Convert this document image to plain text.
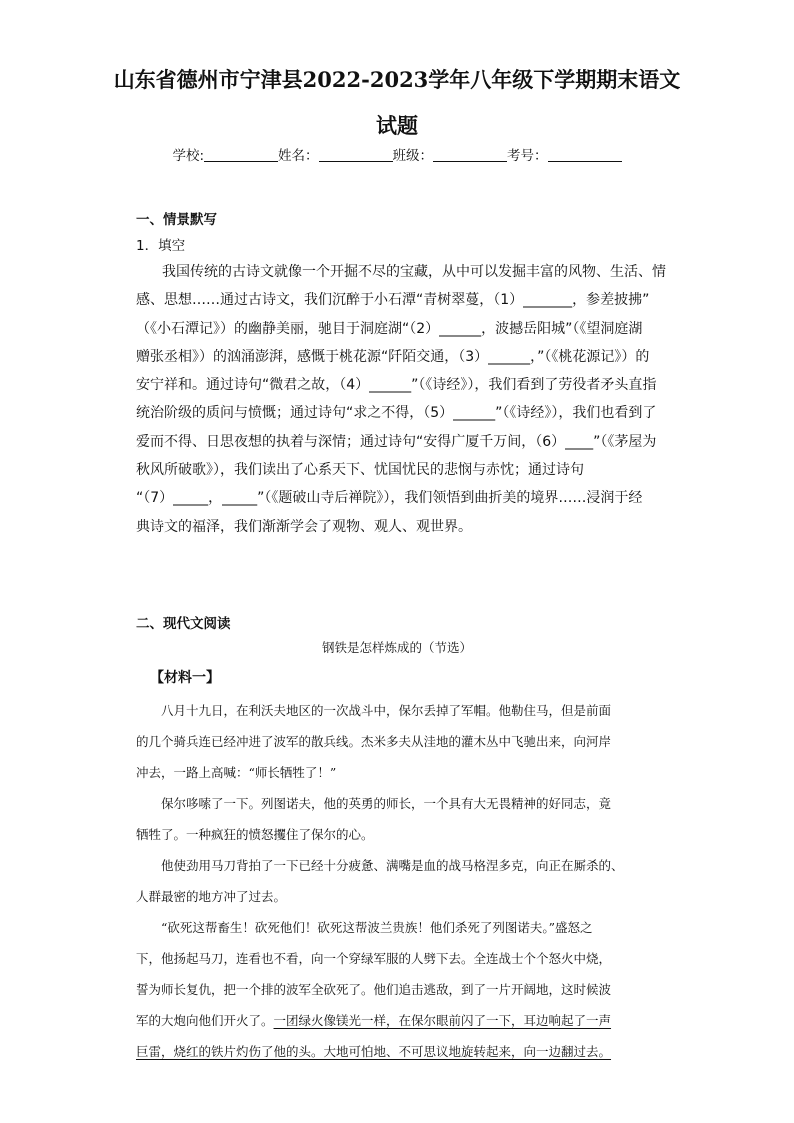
山东省德州市宁津县2022-2023学年八年级下学期期末语文
试题
学校:	姓名：	班级：	考号：
一、情景默写
1．填空
我国传统的古诗文就像一个开掘不尽的宝藏，从中可以发掘丰富的风物、生活、情
感、思想……通过古诗文，我们沉醉于小石潭“青树翠蔓，（1）_______，参差披拂”
（《小石潭记》）的幽静美丽，驰目于洞庭湖“（2）______，波撼岳阳城”（《望洞庭湖
赠张丞相》）的汹涌澎湃，感慨于桃花源“阡陌交通，（3）______，”（《桃花源记》）的
安宁祥和。通过诗句“微君之故，（4）______”（《诗经》），我们看到了劳役者矛头直指
统治阶级的质问与愤慨；通过诗句“求之不得，（5）______”（《诗经》），我们也看到了
爱而不得、日思夜想的执着与深情；通过诗句“安得广厦千万间，（6）____”（《茅屋为
秋风所破歌》），我们读出了心系天下、忧国忧民的悲悯与赤忱；通过诗句
“（7）_____，_____”（《题破山寺后禅院》），我们领悟到曲折美的境界……浸润于经
典诗文的福泽，我们渐渐学会了观物、观人、观世界。
二、现代文阅读
钢铁是怎样炼成的（节选）
【材料一】
八月十九日，在利沃夫地区的一次战斗中，保尔丢掉了军帽。他勒住马，但是前面
的几个骑兵连已经冲进了波军的散兵线。杰米多夫从洼地的灌木丛中飞驰出来，向河岸
冲去，一路上高喊：“师长牺牲了！”
保尔哆嗦了一下。列图诺夫，他的英勇的师长，一个具有大无畏精神的好同志，竟
牺牲了。一种疯狂的愤怒攫住了保尔的心。
他使劲用马刀背拍了一下已经十分疲惫、满嘴是血的战马格涅多克，向正在厮杀的、
人群最密的地方冲了过去。
“砍死这帮畜生！砍死他们！砍死这帮波兰贵族！他们杀死了列图诺夫。”盛怒之
下，他扬起马刀，连看也不看，向一个穿绿军服的人劈下去。全连战士个个怒火中烧，
誓为师长复仇，把一个排的波军全砍死了。他们追击逃敌，到了一片开阔地，这时候波
军的大炮向他们开火了。一团绿火像镁光一样，在保尔眼前闪了一下，耳边响起了一声
巨雷，烧红的铁片灼伤了他的头。大地可怕地、不可思议地旋转起来，向一边翻过去。
